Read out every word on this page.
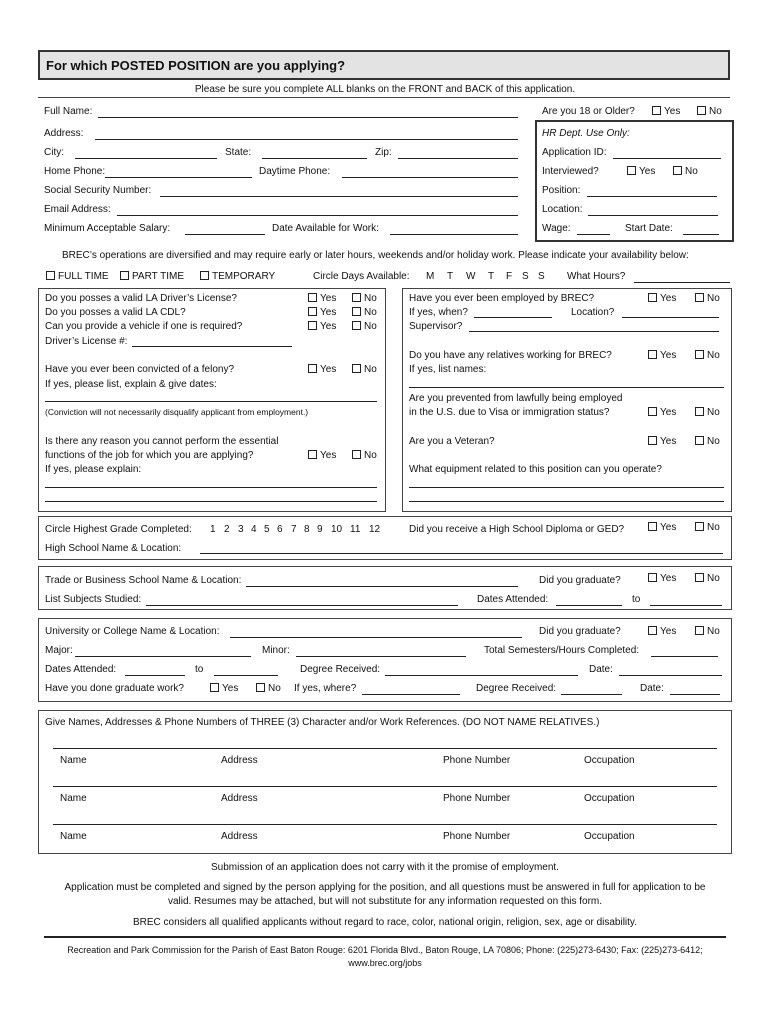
For which POSTED POSITION are you applying?
Please be sure you complete ALL blanks on the FRONT and BACK of this application.
Full Name:	Are you 18 or Older?	Yes	No
Address:
City:	State:	Zip:
Home Phone:	Daytime Phone:
Social Security Number:
Email Address:
Minimum Acceptable Salary:	Date Available for Work:
HR Dept. Use Only:
Application ID:
Interviewed?	Yes	No
Position:
Location:
Wage:	Start Date:
BREC’s operations are diversified and may require early or later hours, weekends and/or holiday work. Please indicate your availability below:
FULL TIME	PART TIME	TEMPORARY	Circle Days Available: M T W T F S S What Hours?
Do you posses a valid LA Driver’s License?	Yes	No
Do you posses a valid LA CDL?	Yes	No
Can you provide a vehicle if one is required?	Yes	No
Driver’s License #:
Have you ever been convicted of a felony?	Yes	No
If yes, please list, explain & give dates:
(Conviction will not necessarily disqualify applicant from employment.)
Is there any reason you cannot perform the essential
functions of the job for which you are applying?	Yes	No
If yes, please explain:
Have you ever been employed by BREC?	Yes	No
If yes, when?	Location?
Supervisor?
Do you have any relatives working for BREC?	Yes	No
If yes, list names:
Are you prevented from lawfully being employed
in the U.S. due to Visa or immigration status?	Yes	No
Are you a Veteran?	Yes	No
What equipment related to this position can you operate?
Circle Highest Grade Completed: 1 2 3 4 5 6 7 8 9 10 11 12	Did you receive a High School Diploma or GED?	Yes	No
High School Name & Location:
Trade or Business School Name & Location:	Did you graduate?	Yes	No
List Subjects Studied:	Dates Attended:	to
University or College Name & Location:	Did you graduate?	Yes	No
Major:	Minor:	Total Semesters/Hours Completed:
Dates Attended:	to	Degree Received:	Date:
Have you done graduate work?	Yes	No If yes, where?	Degree Received:	Date:
Give Names, Addresses & Phone Numbers of THREE (3) Character and/or Work References. (DO NOT NAME RELATIVES.)
Name	Address	Phone Number	Occupation
Name	Address	Phone Number	Occupation
Name	Address	Phone Number	Occupation
Submission of an application does not carry with it the promise of employment.
Application must be completed and signed by the person applying for the position, and all questions must be answered in full for application to be
valid. Resumes may be attached, but will not substitute for any information requested on this form.
BREC considers all qualified applicants without regard to race, color, national origin, religion, sex, age or disability.
Recreation and Park Commission for the Parish of East Baton Rouge: 6201 Florida Blvd., Baton Rouge, LA 70806; Phone: (225)273-6430; Fax: (225)273-6412;
www.brec.org/jobs
